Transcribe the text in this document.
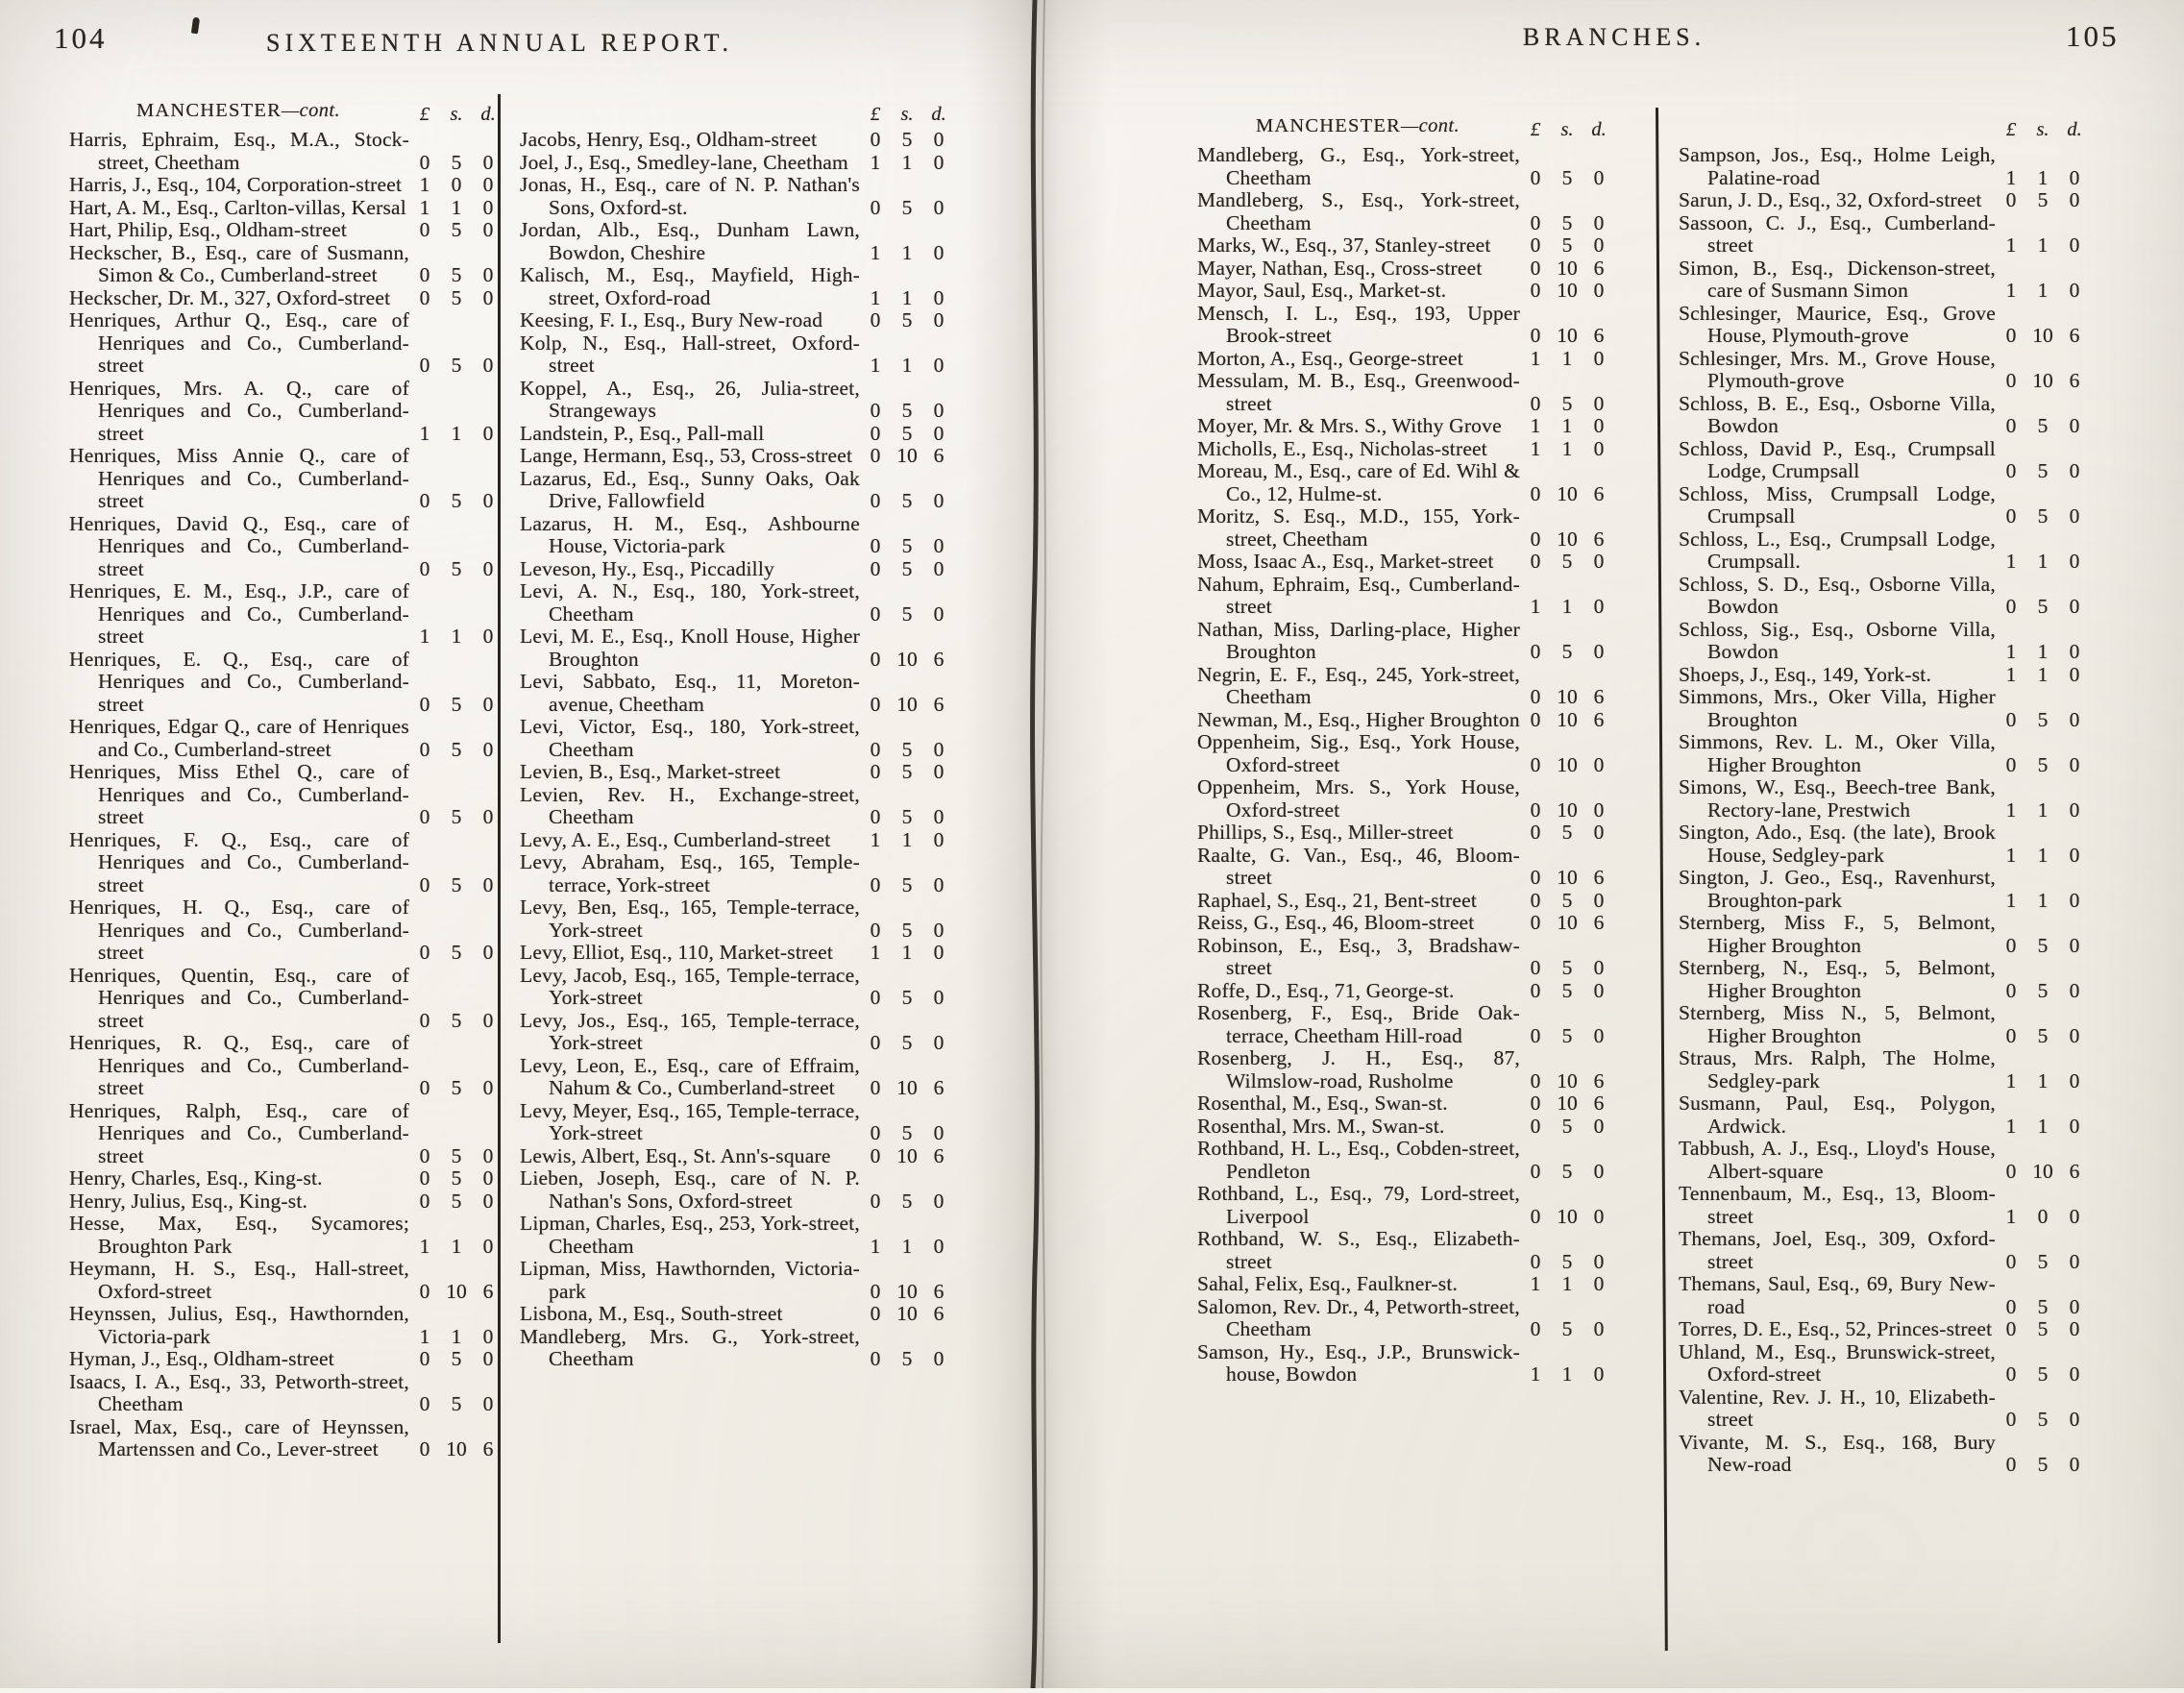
104	SIXTEENTH ANNUAL REPORT.	BRANCHES.	105
MANCHESTER—cont.	£	s. d.
Harris, Ephraim, Esq., M.A., Stock-street, Cheetham	0	5	0
Harris, J., Esq., 104, Corporation-street 1	0	0
Hart, A. M., Esq., Carlton-villas, Kersal 1	1	0
Hart, Philip, Esq., Oldham-street	0	5	0
Heckscher, B., Esq., care of Susmann, Simon & Co., Cumberland-street	0	5	0
Heckscher, Dr. M., 327, Oxford-street	0	5	0
Henriques, Arthur Q., Esq., care of Henriques and Co., Cumberland-street	0	5	0
Henriques, Mrs. A. Q., care of Henriques and Co., Cumberland-street	1	1	0
Henriques, Miss Annie Q., care of Henriques and Co., Cumberland-street	0	5	0
Henriques, David Q., Esq., care of Henriques and Co., Cumberland-street	0	5	0
Henriques, E. M., Esq., J.P., care of Henriques and Co., Cumberland-street	1	1	0
Henriques, E. Q., Esq., care of Henriques and Co., Cumberland-street	0	5	0
Henriques, Edgar Q., care of Henriques and Co., Cumberland-street	0	5	0
Henriques, Miss Ethel Q., care of Henriques and Co., Cumberland-street	0	5	0
Henriques, F. Q., Esq., care of Henriques and Co., Cumberland-street	0	5	0
Henriques, H. Q., Esq., care of Henriques and Co., Cumberland-street	0	5	0
Henriques, Quentin, Esq., care of Henriques and Co., Cumberland-street	0	5	0
Henriques, R. Q., Esq., care of Henriques and Co., Cumberland-street	0	5	0
Henriques, Ralph, Esq., care of Henriques and Co., Cumberland-street	0	5	0
Henry, Charles, Esq., King-st.	0	5	0
Henry, Julius, Esq., King-st.	0	5	0
Hesse, Max, Esq., Sycamores; Broughton Park	1	1	0
Heymann, H. S., Esq., Hall-street, Oxford-street	0 10 6
Heynssen, Julius, Esq., Hawthornden, Victoria-park	1	1	0
Hyman, J., Esq., Oldham-street	0	5	0
Isaacs, I. A., Esq., 33, Petworth-street, Cheetham	0	5	0
Israel, Max, Esq., care of Heynssen, Martenssen and Co., Lever-street	0 10 6
£	s. d.
Jacobs, Henry, Esq., Oldham-street	0	5	0
Joel, J., Esq., Smedley-lane, Cheetham	1	1	0
Jonas, H., Esq., care of N. P. Nathan's Sons, Oxford-st.	0	5	0
Jordan, Alb., Esq., Dunham Lawn, Bowdon, Cheshire	1	1	0
Kalisch, M., Esq., Mayfield, High-street, Oxford-road	1	1	0
Keesing, F. I., Esq., Bury New-road	0	5	0
Kolp, N., Esq., Hall-street, Oxford-street	1	1	0
Koppel, A., Esq., 26, Julia-street, Strangeways	0	5	0
Landstein, P., Esq., Pall-mall	0	5	0
Lange, Hermann, Esq., 53, Cross-street 0 10 6
Lazarus, Ed., Esq., Sunny Oaks, Oak Drive, Fallowfield	0	5	0
Lazarus, H. M., Esq., Ashbourne House, Victoria-park	0	5	0
Leveson, Hy., Esq., Piccadilly	0	5	0
Levi, A. N., Esq., 180, York-street, Cheetham	0	5	0
Levi, M. E., Esq., Knoll House, Higher Broughton	0 10 6
Levi, Sabbato, Esq., 11, Moreton-avenue, Cheetham	0 10 6
Levi, Victor, Esq., 180, York-street, Cheetham	0	5	0
Levien, B., Esq., Market-street	0	5	0
Levien, Rev. H., Exchange-street, Cheetham	0	5	0
Levy, A. E., Esq., Cumberland-street	1	1	0
Levy, Abraham, Esq., 165, Temple-terrace, York-street	0	5	0
Levy, Ben, Esq., 165, Temple-terrace, York-street	0	5	0
Levy, Elliot, Esq., 110, Market-street	1	1	0
Levy, Jacob, Esq., 165, Temple-terrace, York-street	0	5	0
Levy, Jos., Esq., 165, Temple-terrace, York-street	0	5	0
Levy, Leon, E., Esq., care of Effraim, Nahum & Co., Cumberland-street	0 10 6
Levy, Meyer, Esq., 165, Temple-terrace, York-street	0	5	0
Lewis, Albert, Esq., St. Ann's-square	0 10 6
Lieben, Joseph, Esq., care of N. P. Nathan's Sons, Oxford-street	0	5	0
Lipman, Charles, Esq., 253, York-street, Cheetham	1	1	0
Lipman, Miss, Hawthornden, Victoria-park	0 10 6
Lisbona, M., Esq., South-street	0 10 6
Mandleberg, Mrs. G., York-street, Cheetham	0	5	0
MANCHESTER—cont.	£	s. d.
Mandleberg, G., Esq., York-street, Cheetham	0	5	0
Mandleberg, S., Esq., York-street, Cheetham	0	5	0
Marks, W., Esq., 37, Stanley-street	0	5	0
Mayer, Nathan, Esq., Cross-street	0 10 6
Mayor, Saul, Esq., Market-st.	0 10 0
Mensch, I. L., Esq., 193, Upper Brook-street	0 10 6
Morton, A., Esq., George-street	1	1	0
Messulam, M. B., Esq., Greenwood-street	0	5	0
Moyer, Mr. & Mrs. S., Withy Grove	1	1	0
Micholls, E., Esq., Nicholas-street	1	1	0
Moreau, M., Esq., care of Ed. Wihl & Co., 12, Hulme-st.	0 10 6
Moritz, S. Esq., M.D., 155, York-street, Cheetham	0 10 6
Moss, Isaac A., Esq., Market-street	0	5	0
Nahum, Ephraim, Esq., Cumberland-street	1	1	0
Nathan, Miss, Darling-place, Higher Broughton	0	5	0
Negrin, E. F., Esq., 245, York-street, Cheetham	0 10 6
Newman, M., Esq., Higher Broughton 0 10 6
Oppenheim, Sig., Esq., York House, Oxford-street	0 10 0
Oppenheim, Mrs. S., York House, Oxford-street	0 10 0
Phillips, S., Esq., Miller-street	0	5	0
Raalte, G. Van., Esq., 46, Bloom-street	0 10 6
Raphael, S., Esq., 21, Bent-street	0	5	0
Reiss, G., Esq., 46, Bloom-street	0 10 6
Robinson, E., Esq., 3, Bradshaw-street	0	5	0
Roffe, D., Esq., 71, George-st.	0	5	0
Rosenberg, F., Esq., Bride Oak-terrace, Cheetham Hill-road	0	5	0
Rosenberg, J. H., Esq., 87, Wilmslow-road, Rusholme	0 10 6
Rosenthal, M., Esq., Swan-st.	0 10 6
Rosenthal, Mrs. M., Swan-st.	0	5	0
Rothband, H. L., Esq., Cobden-street, Pendleton	0	5	0
Rothband, L., Esq., 79, Lord-street, Liverpool	0 10 0
Rothband, W. S., Esq., Elizabeth-street	0	5	0
Sahal, Felix, Esq., Faulkner-st.	1	1	0
Salomon, Rev. Dr., 4, Petworth-street, Cheetham	0	5	0
Samson, Hy., Esq., J.P., Brunswick-house, Bowdon	1	1	0
£	s. d.
Sampson, Jos., Esq., Holme Leigh, Palatine-road	1	1	0
Sarun, J. D., Esq., 32, Oxford-street	0	5	0
Sassoon, C. J., Esq., Cumberland-street	1	1	0
Simon, B., Esq., Dickenson-street, care of Susmann Simon	1	1	0
Schlesinger, Maurice, Esq., Grove House, Plymouth-grove	0 10 6
Schlesinger, Mrs. M., Grove House, Plymouth-grove	0 10 6
Schloss, B. E., Esq., Osborne Villa, Bowdon	0	5	0
Schloss, David P., Esq., Crumpsall Lodge, Crumpsall	0	5	0
Schloss, Miss, Crumpsall Lodge, Crumpsall	0	5	0
Schloss, L., Esq., Crumpsall Lodge, Crumpsall.	1	1	0
Schloss, S. D., Esq., Osborne Villa, Bowdon	0	5	0
Schloss, Sig., Esq., Osborne Villa, Bowdon	1	1	0
Shoeps, J., Esq., 149, York-st.	1	1	0
Simmons, Mrs., Oker Villa, Higher Broughton	0	5	0
Simmons, Rev. L. M., Oker Villa, Higher Broughton	0	5	0
Simons, W., Esq., Beech-tree Bank, Rectory-lane, Prestwich	1	1	0
Sington, Ado., Esq. (the late), Brook House, Sedgley-park	1	1	0
Sington, J. Geo., Esq., Ravenhurst, Broughton-park	1	1	0
Sternberg, Miss F., 5, Belmont, Higher Broughton	0	5	0
Sternberg, N., Esq., 5, Belmont, Higher Broughton	0	5	0
Sternberg, Miss N., 5, Belmont, Higher Broughton	0	5	0
Straus, Mrs. Ralph, The Holme, Sedgley-park	1	1	0
Susmann, Paul, Esq., Polygon, Ardwick.	1	1	0
Tabbush, A. J., Esq., Lloyd's House, Albert-square	0 10 6
Tennenbaum, M., Esq., 13, Bloom-street	1	0	0
Themans, Joel, Esq., 309, Oxford-street	0	5	0
Themans, Saul, Esq., 69, Bury New-road	0	5	0
Torres, D. E., Esq., 52, Princes-street 0	5	0
Uhland, M., Esq., Brunswick-street, Oxford-street	0	5	0
Valentine, Rev. J. H., 10, Elizabeth-street	0	5	0
Vivante, M. S., Esq., 168, Bury New-road	0	5	0
